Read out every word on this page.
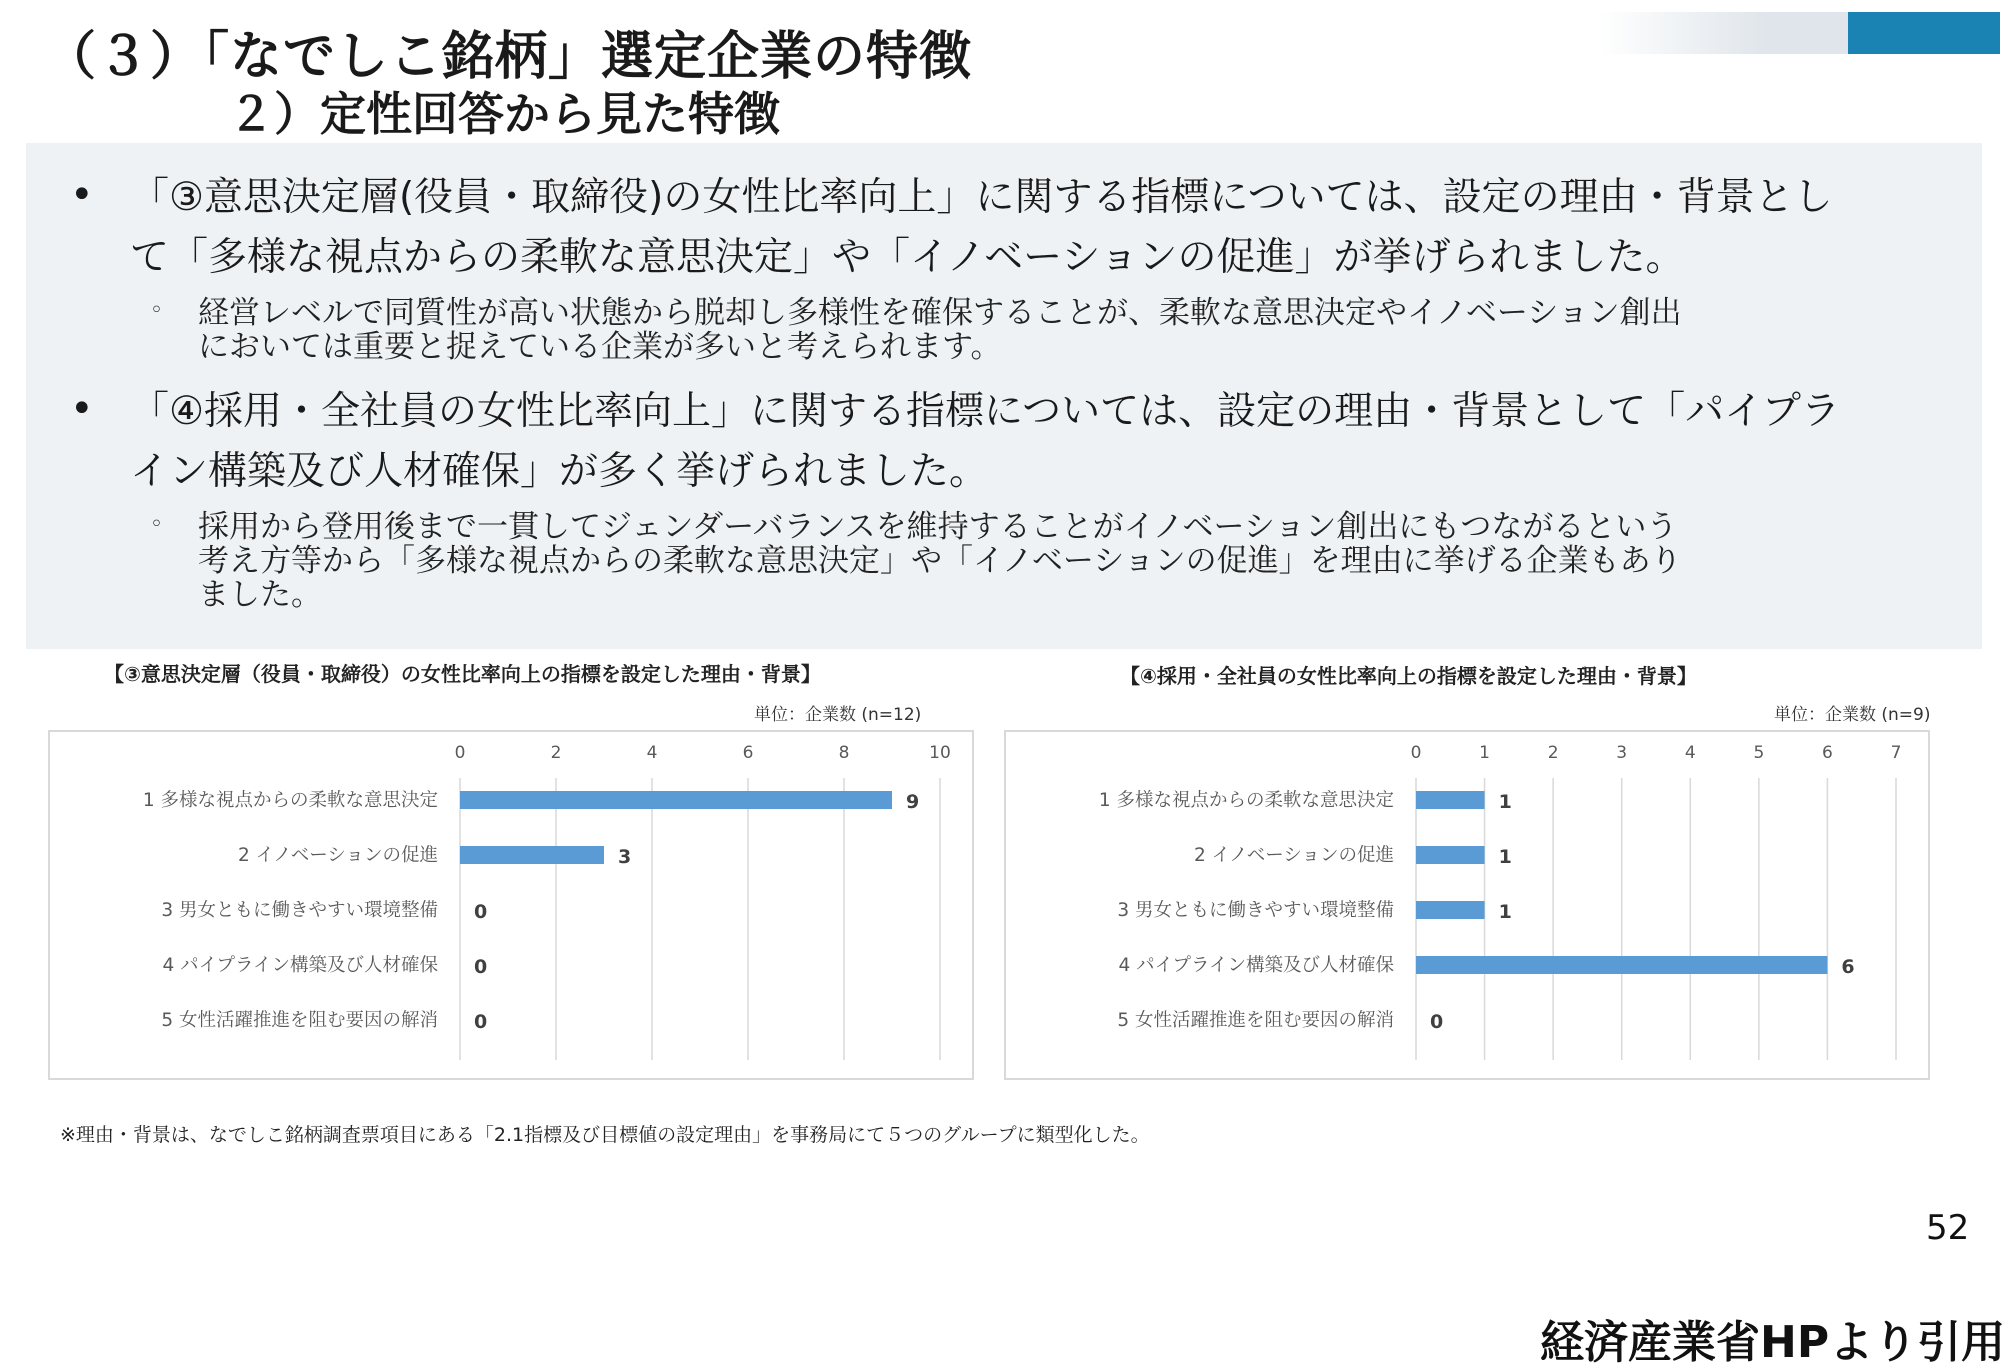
（３）「なでしこ銘柄」選定企業の特徴
２）定性回答から見た特徴
• 「③意思決定層(役員・取締役)の女性比率向上」に関する指標については、設定の理由・背景とし
て「多様な視点からの柔軟な意思決定」や「イノベーションの促進」が挙げられました。
◦ 経営レベルで同質性が高い状態から脱却し多様性を確保することが、柔軟な意思決定やイノベーション創出
においては重要と捉えている企業が多いと考えられます。
• 「④採用・全社員の女性比率向上」に関する指標については、設定の理由・背景として「パイプラ
イン構築及び人材確保」が多く挙げられました。
◦ 採用から登用後まで一貫してジェンダーバランスを維持することがイノベーション創出にもつながるという
考え方等から「多様な視点からの柔軟な意思決定」や「イノベーションの促進」を理由に挙げる企業もあり
ました。
【③意思決定層（役員・取締役）の女性比率向上の指標を設定した理由・背景】
単位：企業数 (n=12)
0	2	4	6	8	10
1 多様な視点からの柔軟な意思決定	9
2 イノベーションの促進	3
3 男女ともに働きやすい環境整備 0
4 パイプライン構築及び人材確保 0
5 女性活躍推進を阻む要因の解消 0
【④採用・全社員の女性比率向上の指標を設定した理由・背景】
単位：企業数 (n=9)
0	1	2	3	4	5	6	7
1 多様な視点からの柔軟な意思決定	1
2 イノベーションの促進	1
3 男女ともに働きやすい環境整備	1
4 パイプライン構築及び人材確保	6
5 女性活躍推進を阻む要因の解消 0
※理由・背景は、なでしこ銘柄調査票項目にある「2.1指標及び目標値の設定理由」を事務局にて５つのグループに類型化した。
52
経済産業省HPより引用
